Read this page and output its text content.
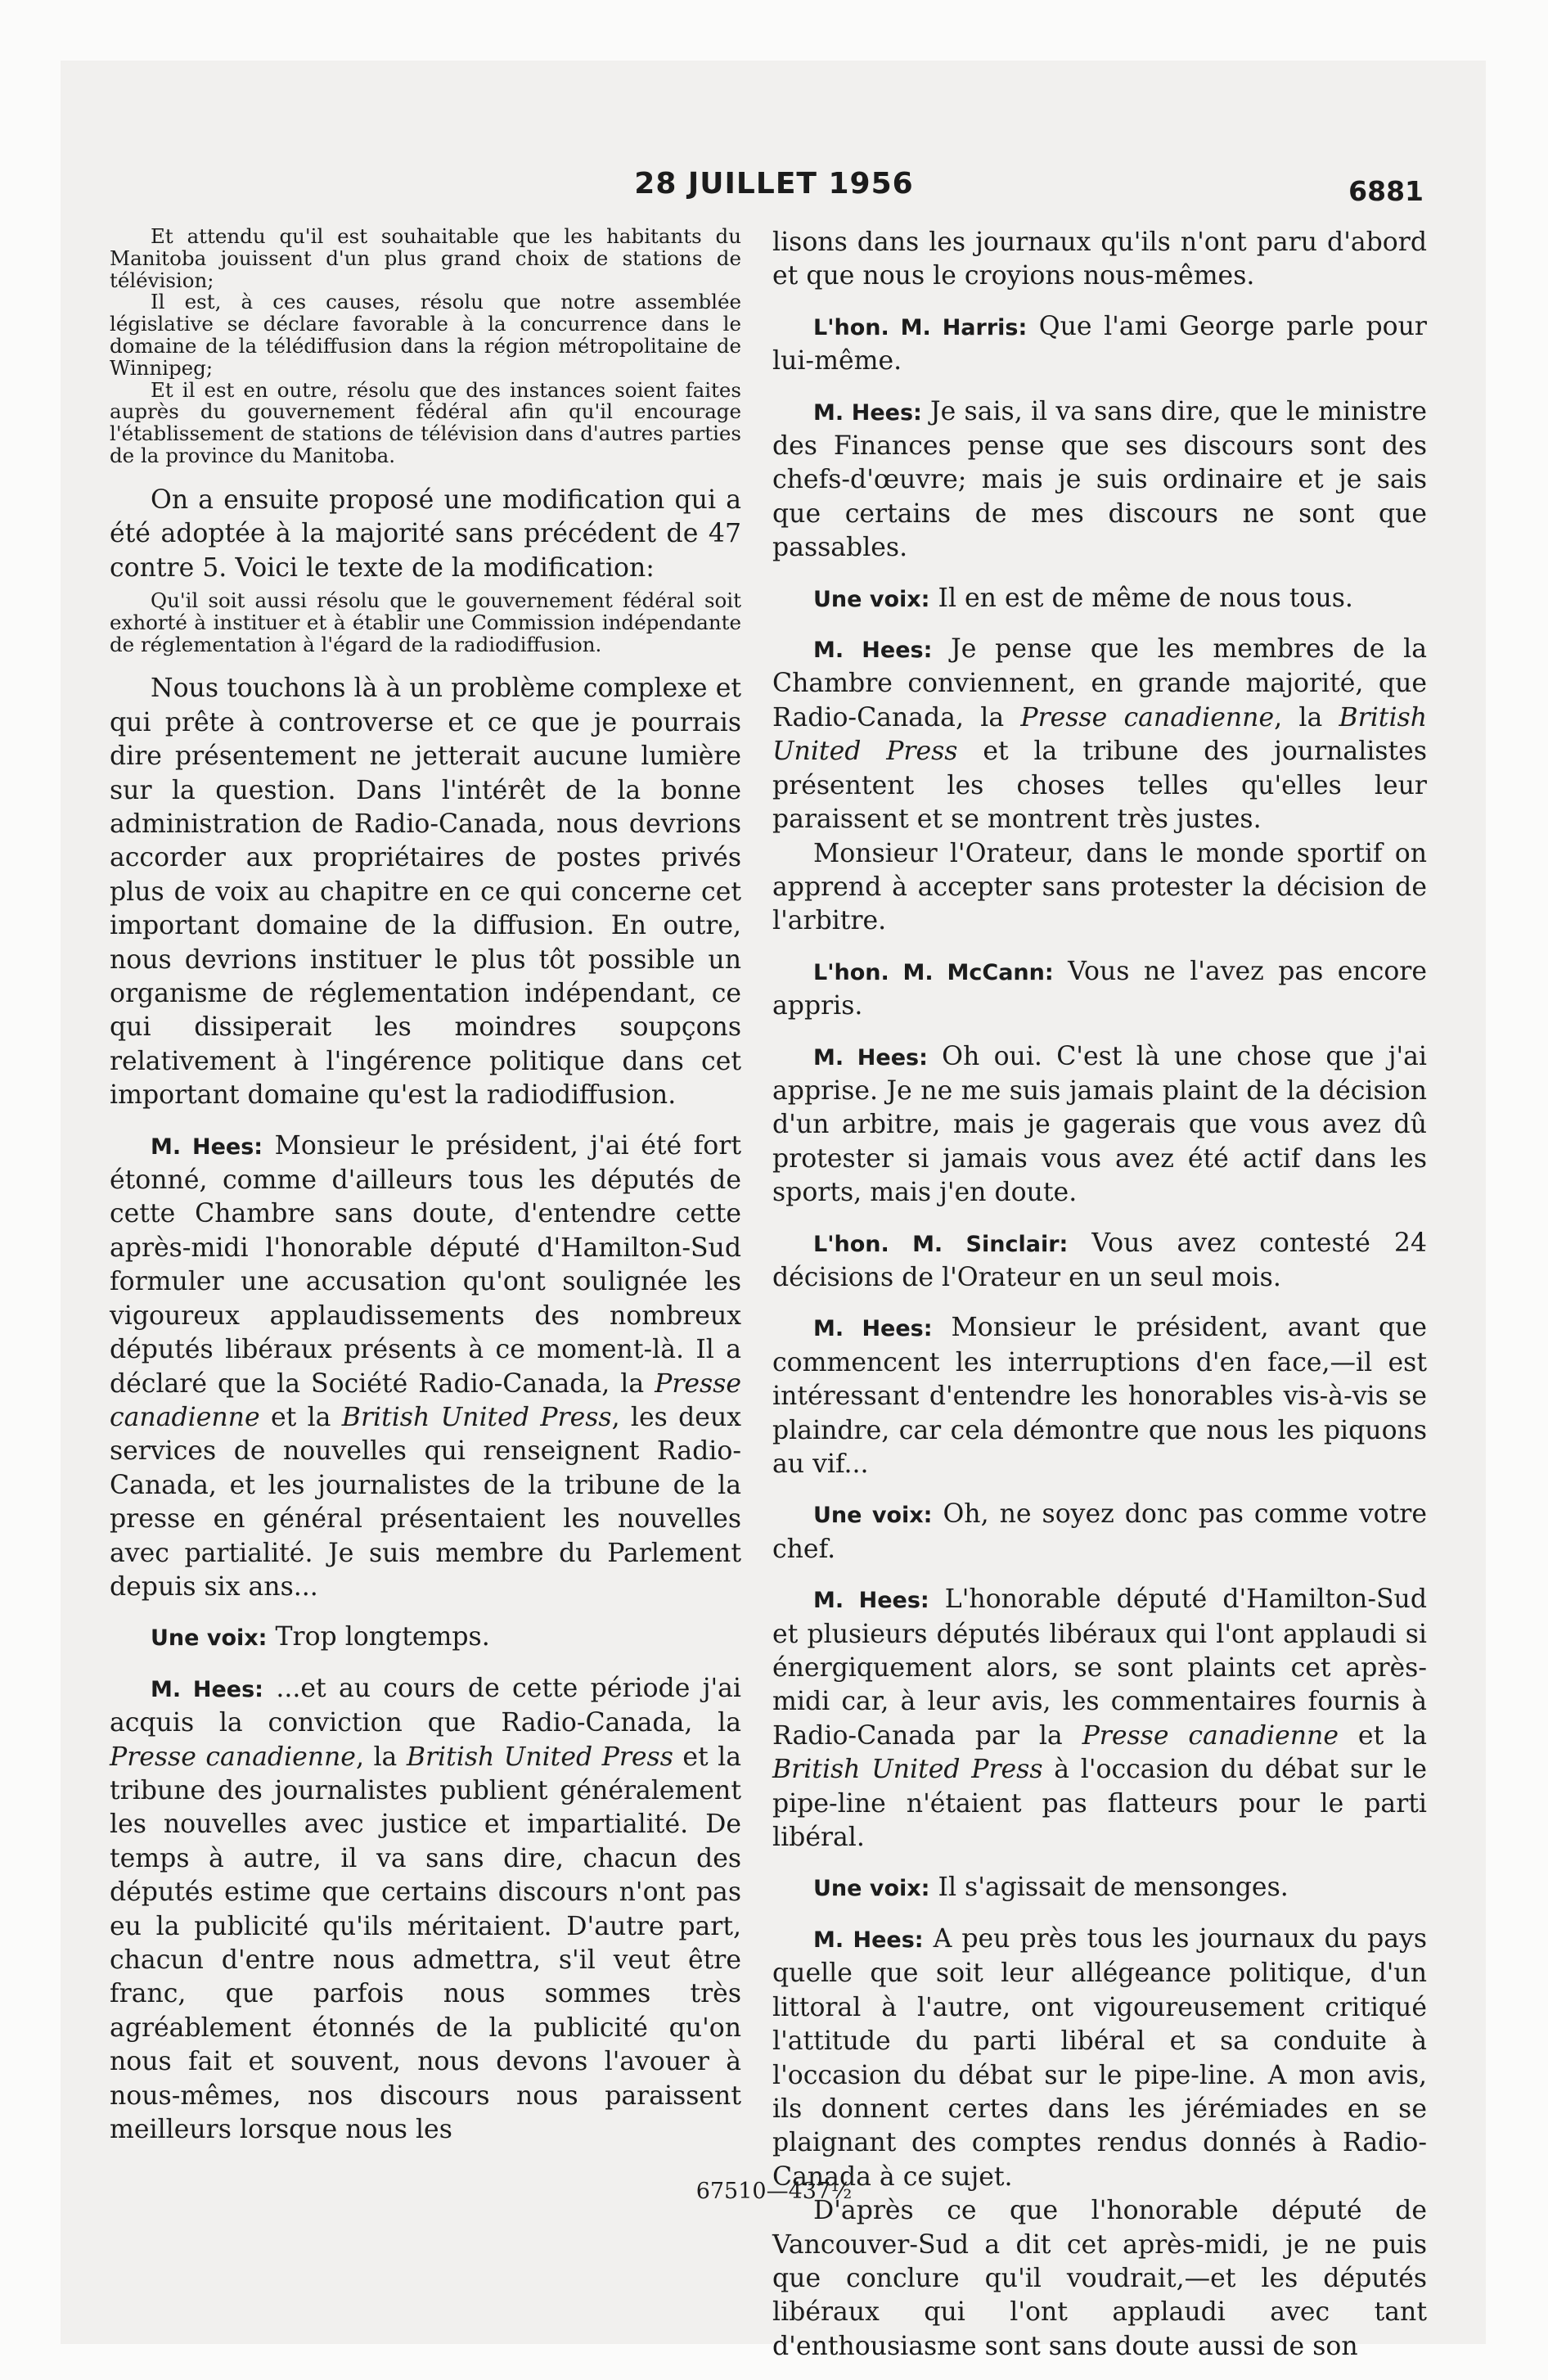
28 JUILLET 1956	6881

Et attendu qu'il est souhaitable que les habitants du Manitoba jouissent d'un plus grand choix de stations de télévision;

Il est, à ces causes, résolu que notre assemblée législative se déclare favorable à la concurrence dans le domaine de la télédiffusion dans la région métropolitaine de Winnipeg;

Et il est en outre, résolu que des instances soient faites auprès du gouvernement fédéral afin qu'il encourage l'établissement de stations de télévision dans d'autres parties de la province du Manitoba.

On a ensuite proposé une modification qui a été adoptée à la majorité sans précédent de 47 contre 5. Voici le texte de la modification:

Qu'il soit aussi résolu que le gouvernement fédéral soit exhorté à instituer et à établir une Commission indépendante de réglementation à l'égard de la radiodiffusion.

Nous touchons là à un problème complexe et qui prête à controverse et ce que je pourrais dire présentement ne jetterait aucune lumière sur la question. Dans l'intérêt de la bonne administration de Radio-Canada, nous devrions accorder aux propriétaires de postes privés plus de voix au chapitre en ce qui concerne cet important domaine de la diffusion. En outre, nous devrions instituer le plus tôt possible un organisme de réglementation indépendant, ce qui dissiperait les moindres soupçons relativement à l'ingérence politique dans cet important domaine qu'est la radiodiffusion.

M. Hees: Monsieur le président, j'ai été fort étonné, comme d'ailleurs tous les députés de cette Chambre sans doute, d'entendre cette après-midi l'honorable député d'Hamilton-Sud formuler une accusation qu'ont soulignée les vigoureux applaudissements des nombreux députés libéraux présents à ce moment-là. Il a déclaré que la Société Radio-Canada, la Presse canadienne et la British United Press, les deux services de nouvelles qui renseignent Radio-Canada, et les journalistes de la tribune de la presse en général présentaient les nouvelles avec partialité. Je suis membre du Parlement depuis six ans...

Une voix: Trop longtemps.

M. Hees: ...et au cours de cette période j'ai acquis la conviction que Radio-Canada, la Presse canadienne, la British United Press et la tribune des journalistes publient généralement les nouvelles avec justice et impartialité. De temps à autre, il va sans dire, chacun des députés estime que certains discours n'ont pas eu la publicité qu'ils méritaient. D'autre part, chacun d'entre nous admettra, s'il veut être franc, que parfois nous sommes très agréablement étonnés de la publicité qu'on nous fait et souvent, nous devons l'avouer à nous-mêmes, nos discours nous paraissent meilleurs lorsque nous les

lisons dans les journaux qu'ils n'ont paru d'abord et que nous le croyions nous-mêmes.

L'hon. M. Harris: Que l'ami George parle pour lui-même.

M. Hees: Je sais, il va sans dire, que le ministre des Finances pense que ses discours sont des chefs-d'œuvre; mais je suis ordinaire et je sais que certains de mes discours ne sont que passables.

Une voix: Il en est de même de nous tous.

M. Hees: Je pense que les membres de la Chambre conviennent, en grande majorité, que Radio-Canada, la Presse canadienne, la British United Press et la tribune des journalistes présentent les choses telles qu'elles leur paraissent et se montrent très justes.

Monsieur l'Orateur, dans le monde sportif on apprend à accepter sans protester la décision de l'arbitre.

L'hon. M. McCann: Vous ne l'avez pas encore appris.

M. Hees: Oh oui. C'est là une chose que j'ai apprise. Je ne me suis jamais plaint de la décision d'un arbitre, mais je gagerais que vous avez dû protester si jamais vous avez été actif dans les sports, mais j'en doute.

L'hon. M. Sinclair: Vous avez contesté 24 décisions de l'Orateur en un seul mois.

M. Hees: Monsieur le président, avant que commencent les interruptions d'en face,—il est intéressant d'entendre les honorables vis-à-vis se plaindre, car cela démontre que nous les piquons au vif...

Une voix: Oh, ne soyez donc pas comme votre chef.

M. Hees: L'honorable député d'Hamilton-Sud et plusieurs députés libéraux qui l'ont applaudi si énergiquement alors, se sont plaints cet après-midi car, à leur avis, les commentaires fournis à Radio-Canada par la Presse canadienne et la British United Press à l'occasion du débat sur le pipe-line n'étaient pas flatteurs pour le parti libéral.

Une voix: Il s'agissait de mensonges.

M. Hees: A peu près tous les journaux du pays quelle que soit leur allégeance politique, d'un littoral à l'autre, ont vigoureusement critiqué l'attitude du parti libéral et sa conduite à l'occasion du débat sur le pipe-line. A mon avis, ils donnent certes dans les jérémiades en se plaignant des comptes rendus donnés à Radio-Canada à ce sujet.

D'après ce que l'honorable député de Vancouver-Sud a dit cet après-midi, je ne puis que conclure qu'il voudrait,—et les députés libéraux qui l'ont applaudi avec tant d'enthousiasme sont sans doute aussi de son

67510—437½
